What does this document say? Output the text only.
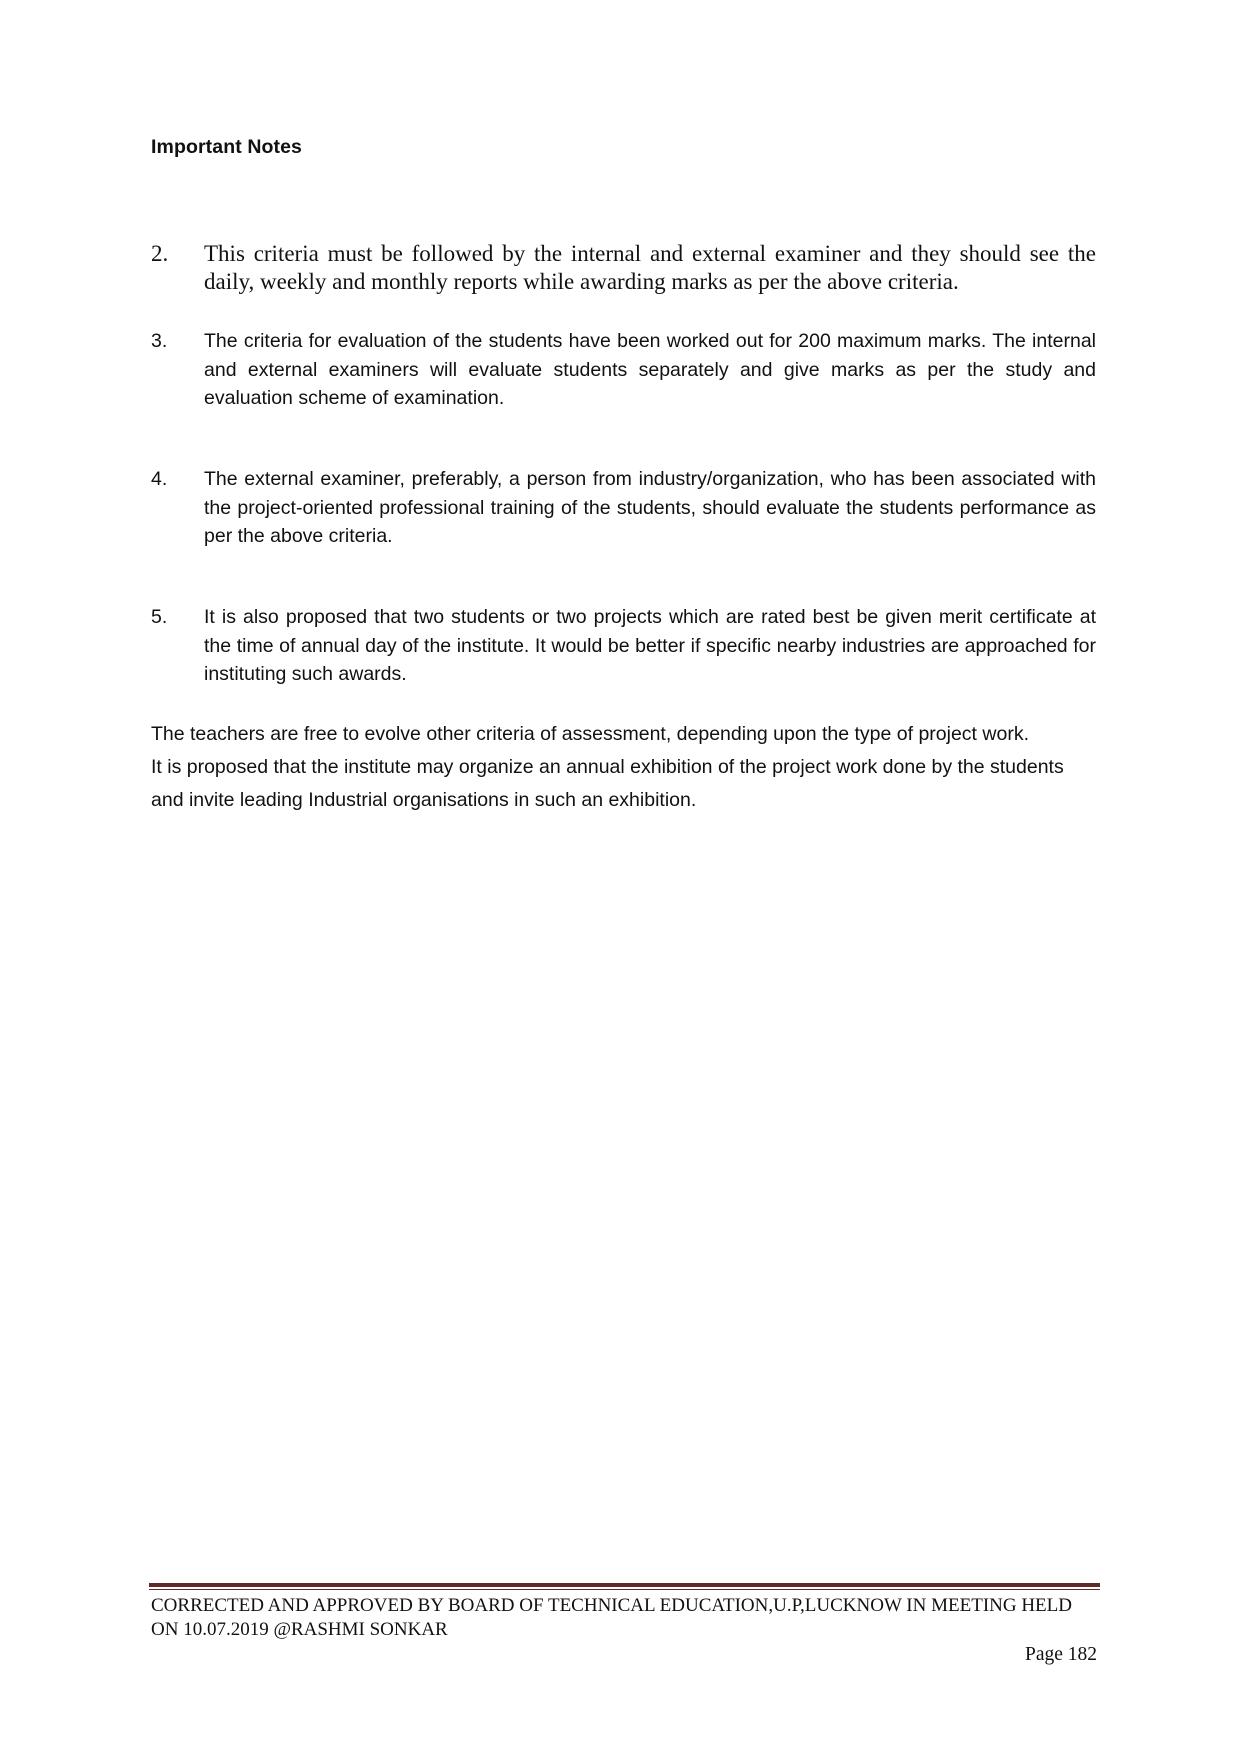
Important Notes
2. This criteria must be followed by the internal and external examiner and they should see the daily, weekly and monthly reports while awarding marks as per the above criteria.
3. The criteria for evaluation of the students have been worked out for 200 maximum marks. The internal and external examiners will evaluate students separately and give marks as per the study and evaluation scheme of examination.
4. The external examiner, preferably, a person from industry/organization, who has been associated with the project-oriented professional training of the students, should evaluate the students performance as per the above criteria.
5. It is also proposed that two students or two projects which are rated best be given merit certificate at the time of annual day of the institute. It would be better if specific nearby industries are approached for instituting such awards.

The teachers are free to evolve other criteria of assessment, depending upon the type of project work.

It is proposed that the institute may organize an annual exhibition of the project work done by the students and invite leading Industrial organisations in such an exhibition.

CORRECTED AND APPROVED BY BOARD OF TECHNICAL EDUCATION,U.P,LUCKNOW IN MEETING HELD
ON 10.07.2019 @RASHMI SONKAR
Page 182
